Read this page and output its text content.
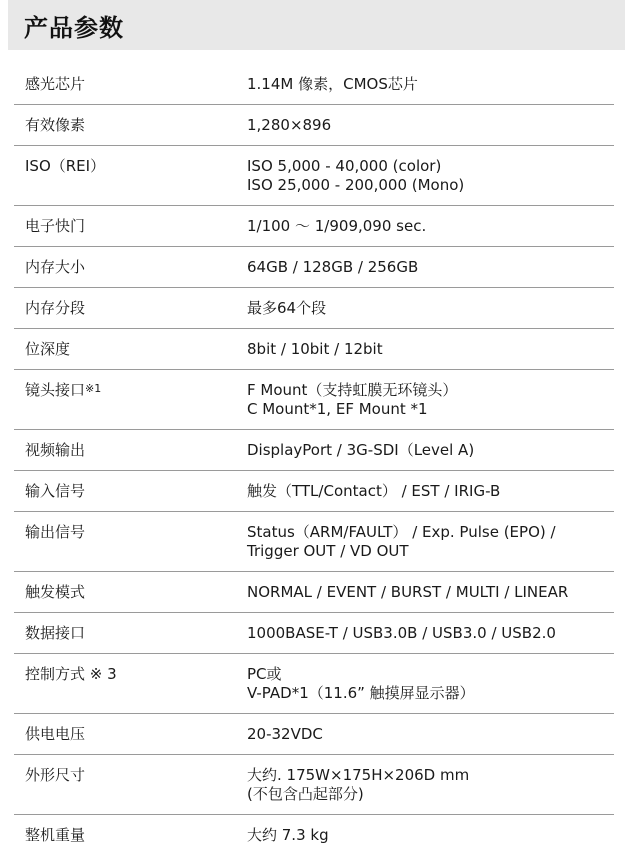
产品参数
感光芯片	1.14M 像素，CMOS芯片
有效像素	1,280×896
ISO（REI）	ISO 5,000 - 40,000 (color)
ISO 25,000 - 200,000 (Mono)
电子快门	1/100 ～ 1/909,090 sec.
内存大小	64GB / 128GB / 256GB
内存分段	最多64个段
位深度	8bit / 10bit / 12bit
镜头接口$^{※1}$	F Mount（支持虹膜无环镜头）
C Mount*1, EF Mount *1
视频输出	DisplayPort / 3G-SDI（Level A)
输入信号	触发（TTL/Contact） / EST / IRIG-B
输出信号	Status（ARM/FAULT） / Exp. Pulse (EPO) /
Trigger OUT / VD OUT
触发模式	NORMAL / EVENT / BURST / MULTI / LINEAR
数据接口	1000BASE-T / USB3.0B / USB3.0 / USB2.0
控制方式 ※ 3	PC或
V-PAD*1（11.6” 触摸屏显示器）
供电电压	20-32VDC
外形尺寸	大约. 175W×175H×206D mm
(不包含凸起部分)
整机重量	大约 7.3 kg
